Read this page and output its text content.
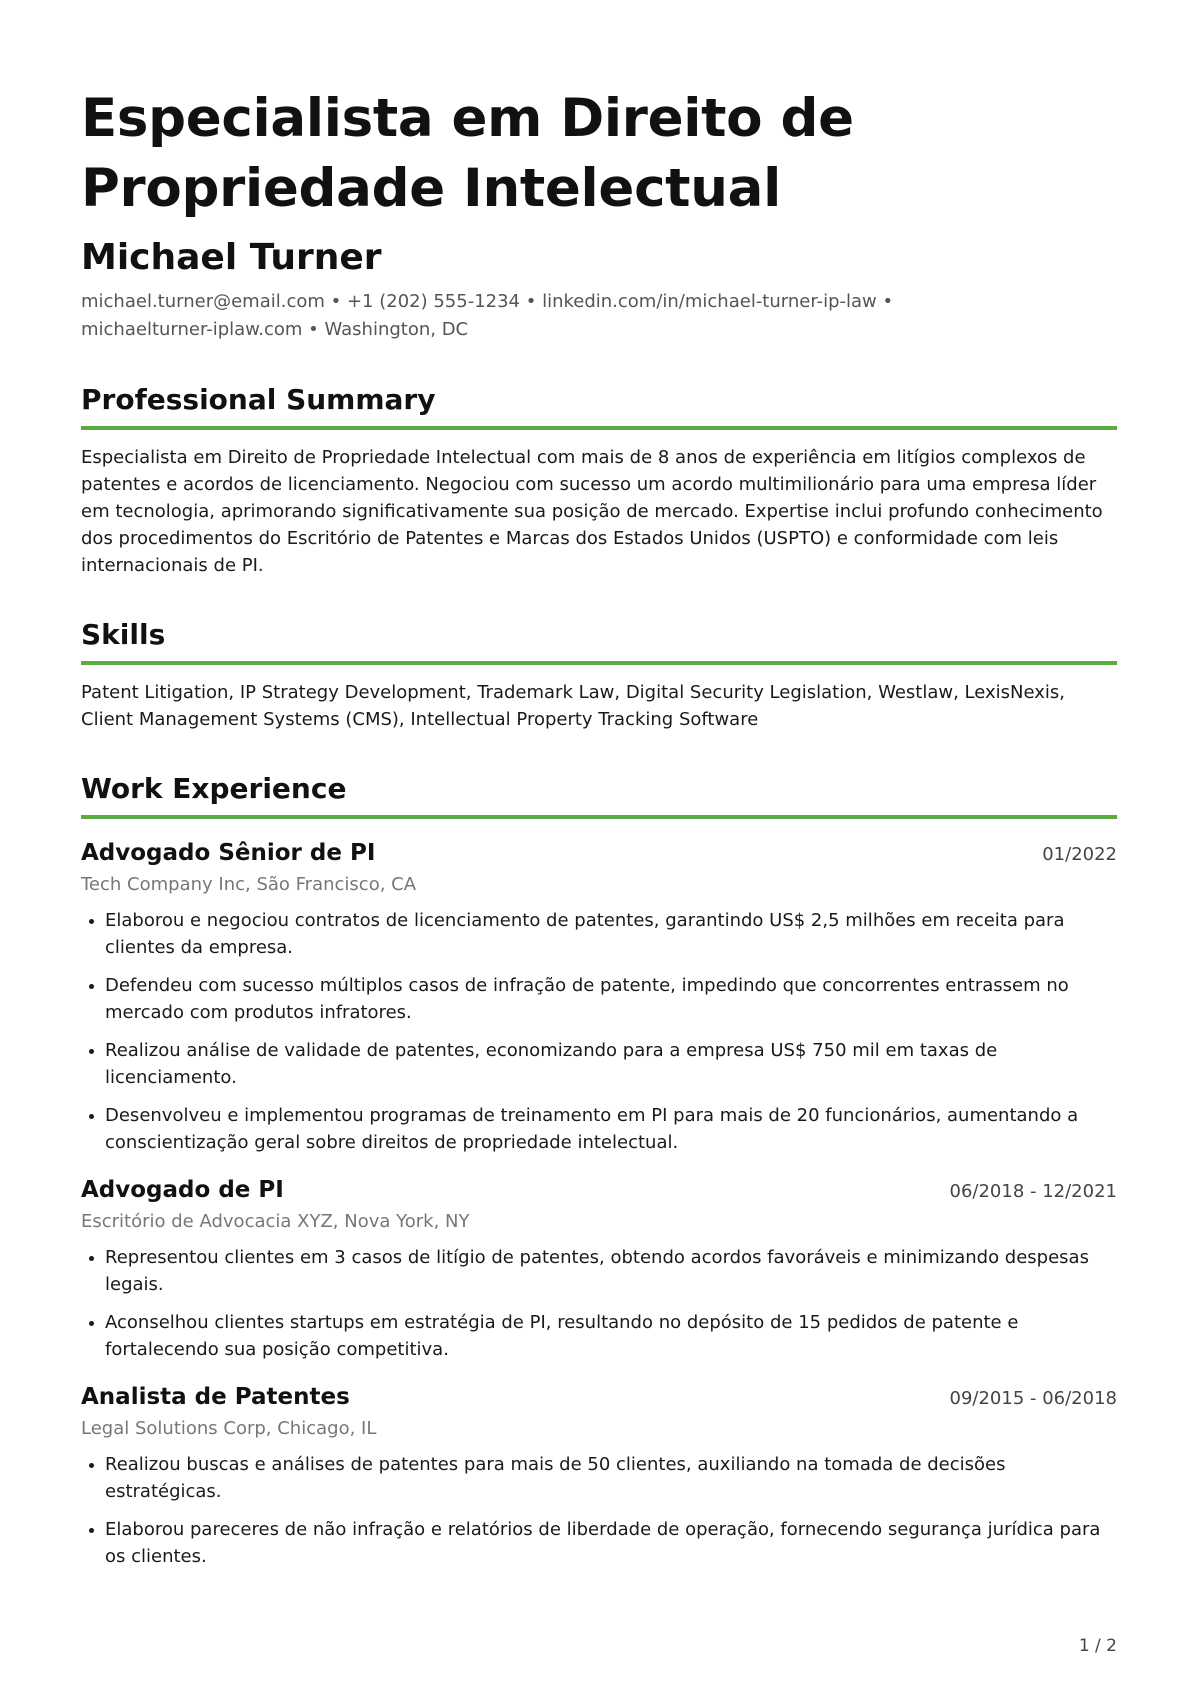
Especialista em Direito de Propriedade Intelectual
Michael Turner

michael.turner@email.com • +1 (202) 555-1234 • linkedin.com/in/michael-turner-ip-law •
michaelturner-iplaw.com • Washington, DC

Professional Summary

Especialista em Direito de Propriedade Intelectual com mais de 8 anos de experiência em litígios complexos de patentes e acordos de licenciamento. Negociou com sucesso um acordo multimilionário para uma empresa líder em tecnologia, aprimorando significativamente sua posição de mercado. Expertise inclui profundo conhecimento dos procedimentos do Escritório de Patentes e Marcas dos Estados Unidos (USPTO) e conformidade com leis internacionais de PI.

Skills

Patent Litigation, IP Strategy Development, Trademark Law, Digital Security Legislation, Westlaw, LexisNexis, Client Management Systems (CMS), Intellectual Property Tracking Software

Work Experience
Advogado Sênior de PI	01/2022
Tech Company Inc, São Francisco, CA
Elaborou e negociou contratos de licenciamento de patentes, garantindo US$ 2,5 milhões em receita para clientes da empresa.
Defendeu com sucesso múltiplos casos de infração de patente, impedindo que concorrentes entrassem no mercado com produtos infratores.
Realizou análise de validade de patentes, economizando para a empresa US$ 750 mil em taxas de licenciamento.
Desenvolveu e implementou programas de treinamento em PI para mais de 20 funcionários, aumentando a conscientização geral sobre direitos de propriedade intelectual.
Advogado de PI	06/2018 - 12/2021
Escritório de Advocacia XYZ, Nova York, NY
Representou clientes em 3 casos de litígio de patentes, obtendo acordos favoráveis e minimizando despesas legais.
Aconselhou clientes startups em estratégia de PI, resultando no depósito de 15 pedidos de patente e fortalecendo sua posição competitiva.
Analista de Patentes	09/2015 - 06/2018
Legal Solutions Corp, Chicago, IL
Realizou buscas e análises de patentes para mais de 50 clientes, auxiliando na tomada de decisões estratégicas.
Elaborou pareceres de não infração e relatórios de liberdade de operação, fornecendo segurança jurídica para os clientes.
1 / 2
